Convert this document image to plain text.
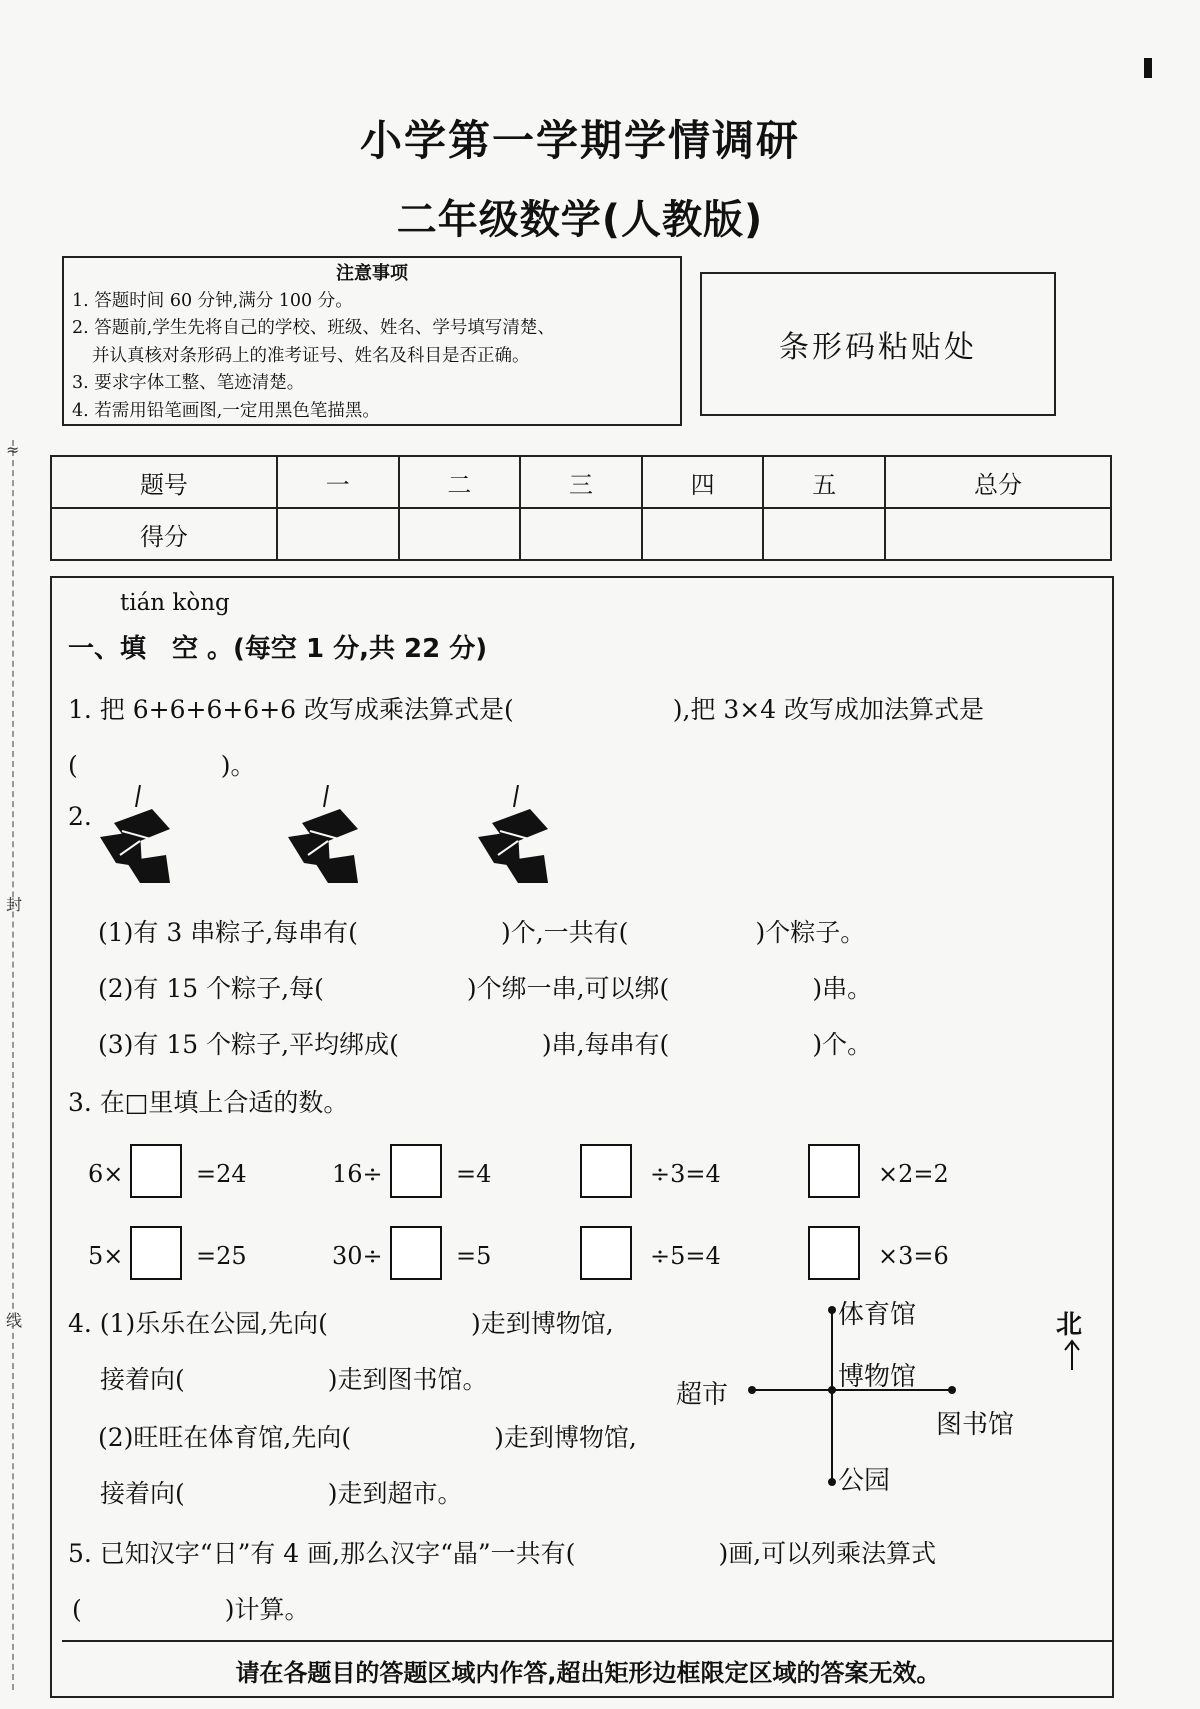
≈
封
线
小学第一学期学情调研
二年级数学(人教版)
注意事项
1. 答题时间 60 分钟,满分 100 分。
2. 答题前,学生先将自己的学校、班级、姓名、学号填写清楚、
并认真核对条形码上的准考证号、姓名及科目是否正确。
3. 要求字体工整、笔迹清楚。
4. 若需用铅笔画图,一定用黑色笔描黑。
条形码粘贴处
题号	一	二	三	四	五	总分
得分						
tián kòng
一、填　空 。(每空 1 分,共 22 分)
1. 把 6+6+6+6+6 改写成乘法算式是(                    ),把 3×4 改写成加法算式是
(                  )。
2.
(1)有 3 串粽子,每串有(                  )个,一共有(                )个粽子。
(2)有 15 个粽子,每(                  )个绑一串,可以绑(                  )串。
(3)有 15 个粽子,平均绑成(                  )串,每串有(                  )个。
3. 在□里填上合适的数。
6×	=24	16÷	=4	÷3=4	×2=2
5×	=25	30÷	=5	÷5=4	×3=6
4. (1)乐乐在公园,先向(                  )走到博物馆,
接着向(                  )走到图书馆。
(2)旺旺在体育馆,先向(                  )走到博物馆,
接着向(                  )走到超市。
体育馆
博物馆
超市
图书馆
公园
北
5. 已知汉字“日”有 4 画,那么汉字“晶”一共有(                  )画,可以列乘法算式
(                  )计算。
请在各题目的答题区域内作答,超出矩形边框限定区域的答案无效。
